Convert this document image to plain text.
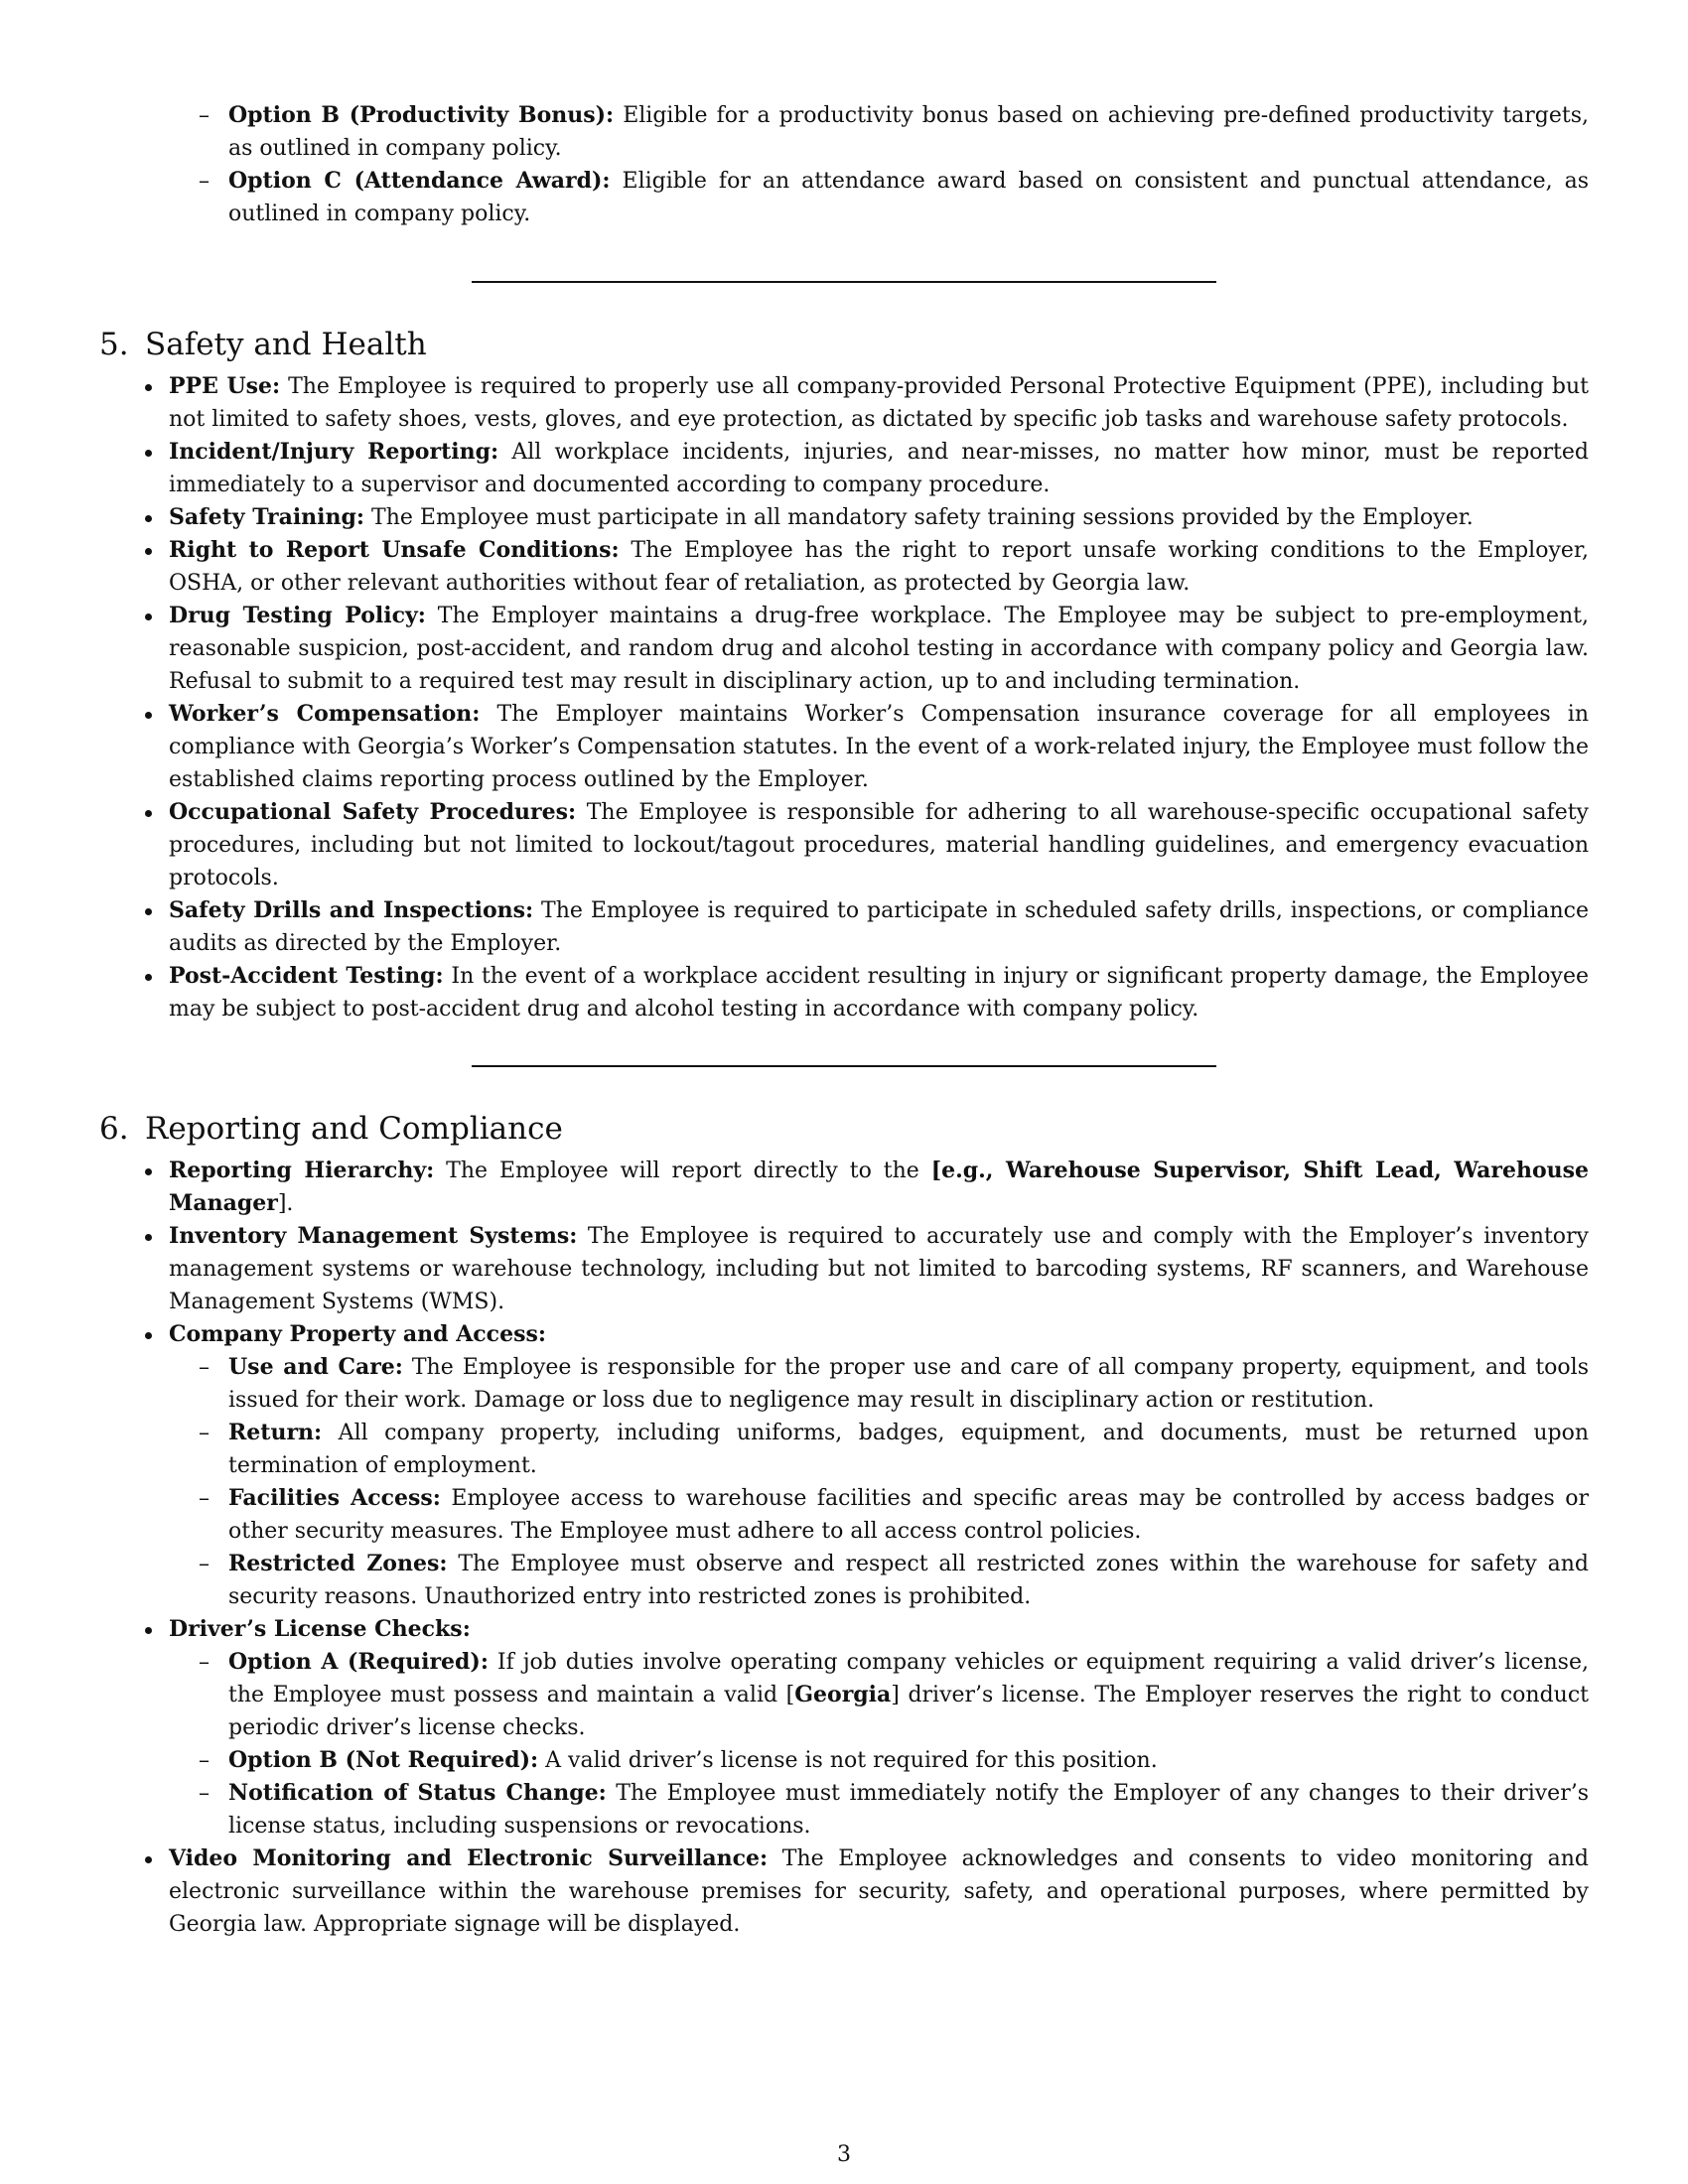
– Option B (Productivity Bonus): Eligible for a productivity bonus based on achieving pre-defined productivity targets, as outlined in company policy.
– Option C (Attendance Award): Eligible for an attendance award based on consistent and punctual attendance, as outlined in company policy.
5. Safety and Health
PPE Use: The Employee is required to properly use all company-provided Personal Protective Equipment (PPE), including but not limited to safety shoes, vests, gloves, and eye protection, as dictated by specific job tasks and warehouse safety protocols.
Incident/Injury Reporting: All workplace incidents, injuries, and near-misses, no matter how minor, must be reported immediately to a supervisor and documented according to company procedure.
Safety Training: The Employee must participate in all mandatory safety training sessions provided by the Employer.
Right to Report Unsafe Conditions: The Employee has the right to report unsafe working conditions to the Employer, OSHA, or other relevant authorities without fear of retaliation, as protected by Georgia law.
Drug Testing Policy: The Employer maintains a drug-free workplace. The Employee may be subject to pre-employment, reasonable suspicion, post-accident, and random drug and alcohol testing in accordance with company policy and Georgia law. Refusal to submit to a required test may result in disciplinary action, up to and including termination.
Worker’s Compensation: The Employer maintains Worker’s Compensation insurance coverage for all employees in compliance with Georgia’s Worker’s Compensation statutes. In the event of a work-related injury, the Employee must follow the established claims reporting process outlined by the Employer.
Occupational Safety Procedures: The Employee is responsible for adhering to all warehouse-specific occupational safety procedures, including but not limited to lockout/tagout procedures, material handling guidelines, and emergency evacuation protocols.
Safety Drills and Inspections: The Employee is required to participate in scheduled safety drills, inspections, or compliance audits as directed by the Employer.
Post-Accident Testing: In the event of a workplace accident resulting in injury or significant property damage, the Employee may be subject to post-accident drug and alcohol testing in accordance with company policy.
6. Reporting and Compliance
Reporting Hierarchy: The Employee will report directly to the [e.g., Warehouse Supervisor, Shift Lead, Warehouse Manager].
Inventory Management Systems: The Employee is required to accurately use and comply with the Employer’s inventory management systems or warehouse technology, including but not limited to barcoding systems, RF scanners, and Warehouse Management Systems (WMS).
Company Property and Access:
– Use and Care: The Employee is responsible for the proper use and care of all company property, equipment, and tools issued for their work. Damage or loss due to negligence may result in disciplinary action or restitution.
– Return: All company property, including uniforms, badges, equipment, and documents, must be returned upon termination of employment.
– Facilities Access: Employee access to warehouse facilities and specific areas may be controlled by access badges or other security measures. The Employee must adhere to all access control policies.
– Restricted Zones: The Employee must observe and respect all restricted zones within the warehouse for safety and security reasons. Unauthorized entry into restricted zones is prohibited.
Driver’s License Checks:
– Option A (Required): If job duties involve operating company vehicles or equipment requiring a valid driver’s license, the Employee must possess and maintain a valid [Georgia] driver’s license. The Employer reserves the right to conduct periodic driver’s license checks.
– Option B (Not Required): A valid driver’s license is not required for this position.
– Notification of Status Change: The Employee must immediately notify the Employer of any changes to their driver’s license status, including suspensions or revocations.
Video Monitoring and Electronic Surveillance: The Employee acknowledges and consents to video monitoring and electronic surveillance within the warehouse premises for security, safety, and operational purposes, where permitted by Georgia law. Appropriate signage will be displayed.
3
